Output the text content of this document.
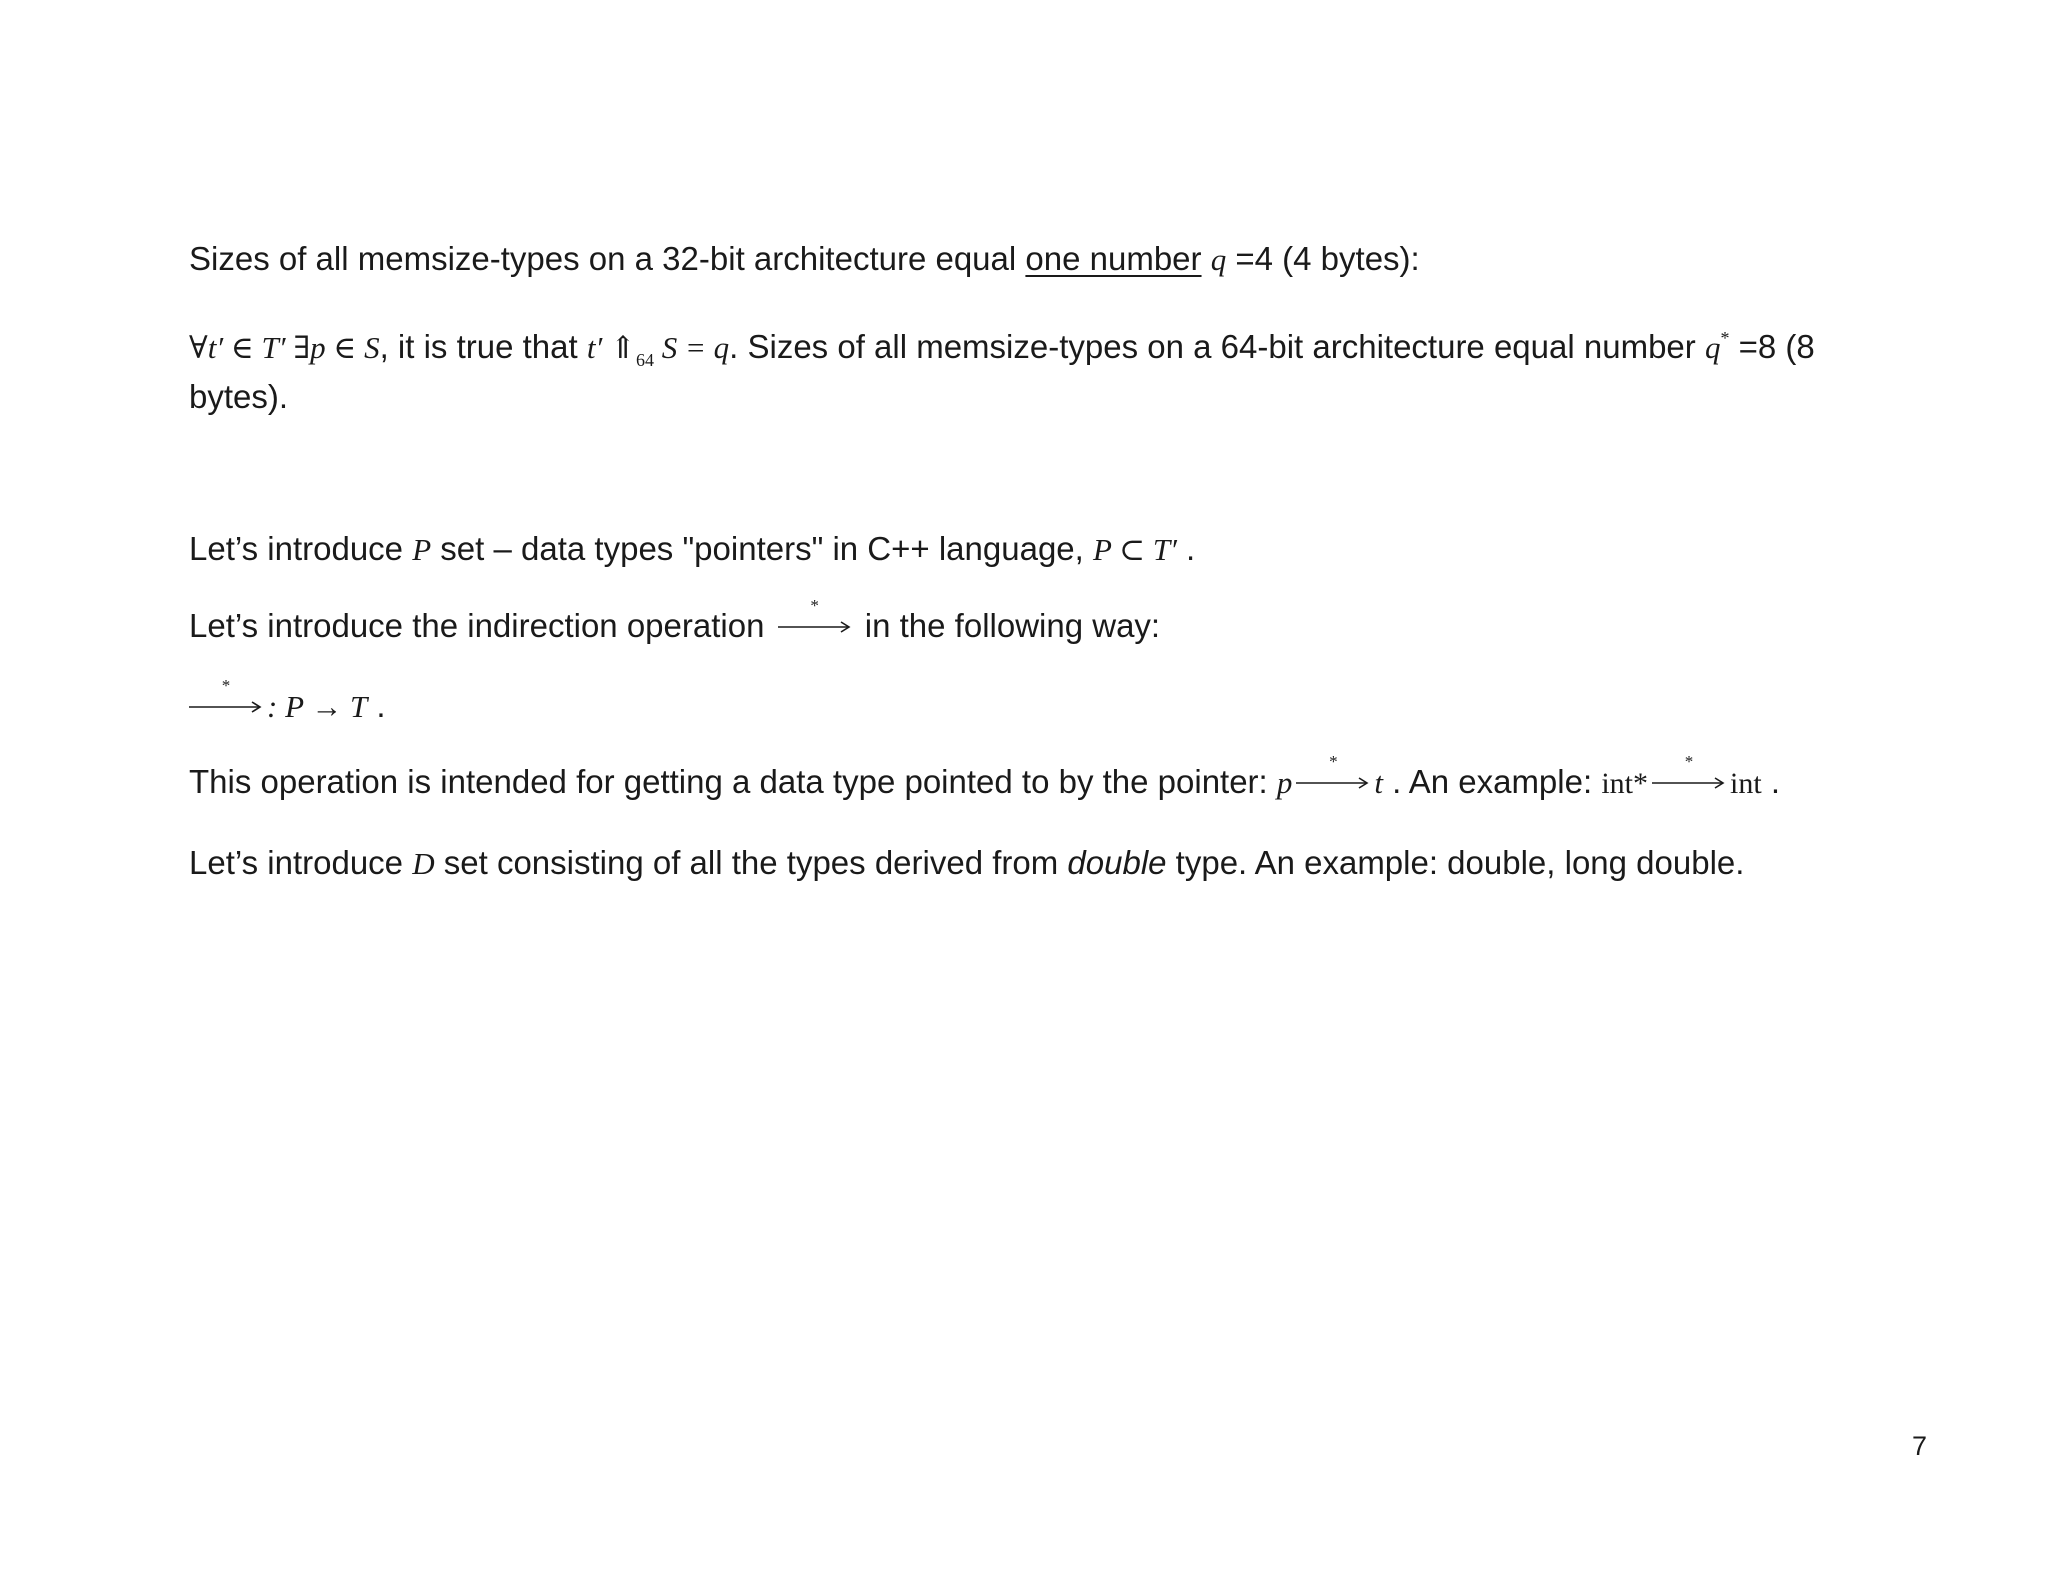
Sizes of all memsize-types on a 32-bit architecture equal one number q =4 (4 bytes):
∀t′ ∈ T′ ∃p ∈ S, it is true that t′ $⇑_{64}$ S = q. Sizes of all memsize-types on a 64-bit architecture equal number q* =8 (8
bytes).
Let’s introduce P set – data types "pointers" in C++ language, P ⊂ T′ .
Let’s introduce the indirection operation
*
in the following way:
*
: P → T .
This operation is intended for getting a data type pointed to by the pointer: p
*
t . An example: int*
*
int .
Let’s introduce D set consisting of all the types derived from double type. An example: double, long double.
7
